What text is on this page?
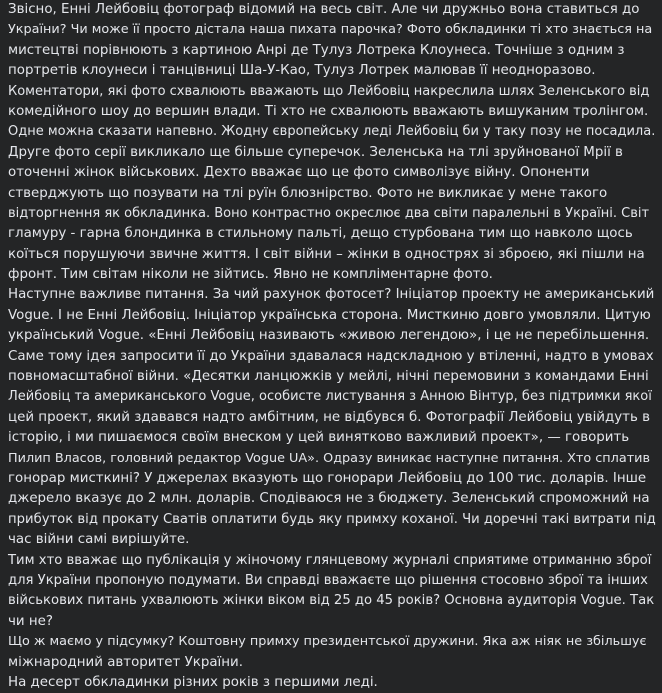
Звісно, Енні Лейбовіц фотограф відомий на весь світ. Але чи дружньо вона ставиться до
України? Чи може її просто дістала наша пихата парочка? Фото обкладинки ті хто знається на
мистецтві порівнюють з картиною Анрі де Тулуз Лотрека Клоунеса. Точніше з одним з
портретів клоунеси і танцівниці Ша-У-Као, Тулуз Лотрек малював її неодноразово.
Коментатори, які фото схвалюють вважають що Лейбовіц накреслила шлях Зеленського від
комедійного шоу до вершин влади. Ті хто не схвалюють вважають вишуканим тролінгом.
Одне можна сказати напевно. Жодну європейську леді Лейбовіц би у таку позу не посадила.
Друге фото серії викликало ще більше суперечок. Зеленська на тлі зруйнованої Мрії в
оточенні жінок військових. Дехто вважає що це фото символізує війну. Опоненти
стверджують що позувати на тлі руїн блюзнірство. Фото не викликає у мене такого
відторгнення як обкладинка. Воно контрастно окреслює два світи паралельні в Україні. Світ
гламуру - гарна блондинка в стильному пальті, дещо стурбована тим що навколо щось
коїться порушуючи звичне життя. І світ війни – жінки в однострях зі зброєю, які пішли на
фронт. Тим світам ніколи не зійтись. Явно не компліментарне фото.
Наступне важливе питання. За чий рахунок фотосет? Ініціатор проекту не американський
Vogue. І не Енні Лейбовіц. Ініціатор українська сторона. Мисткиню довго умовляли. Цитую
український Vogue. «Енні Лейбовіц називають «живою легендою», і це не перебільшення.
Саме тому ідея запросити її до України здавалася надскладною у втіленні, надто в умовах
повномасштабної війни. «Десятки ланцюжків у мейлі, нічні перемовини з командами Енні
Лейбовіц та американського Vogue, особисте листування з Анною Вінтур, без підтримки якої
цей проект, який здавався надто амбітним, не відбувся б. Фотографії Лейбовіц увійдуть в
історію, і ми пишаємося своїм внеском у цей винятково важливий проект», — говорить
Пилип Власов, головний редактор Vogue UA». Одразу виникає наступне питання. Хто сплатив
гонорар мисткині? У джерелах вказують що гонорари Лейбовіц до 100 тис. доларів. Інше
джерело вказує до 2 млн. доларів. Сподіваюся не з бюджету. Зеленський спроможний на
прибуток від прокату Сватів оплатити будь яку примху коханої. Чи доречні такі витрати під
час війни самі вирішуйте.
Тим хто вважає що публікація у жіночому глянцевому журналі сприятиме отриманню зброї
для України пропоную подумати. Ви справді вважаєте що рішення стосовно зброї та інших
військових питань ухвалюють жінки віком від 25 до 45 років? Основна аудиторія Vogue. Так
чи не?
Що ж маємо у підсумку? Коштовну примху президентської дружини. Яка аж ніяк не збільшує
міжнародний авторитет України.
На десерт обкладинки різних років з першими леді.
